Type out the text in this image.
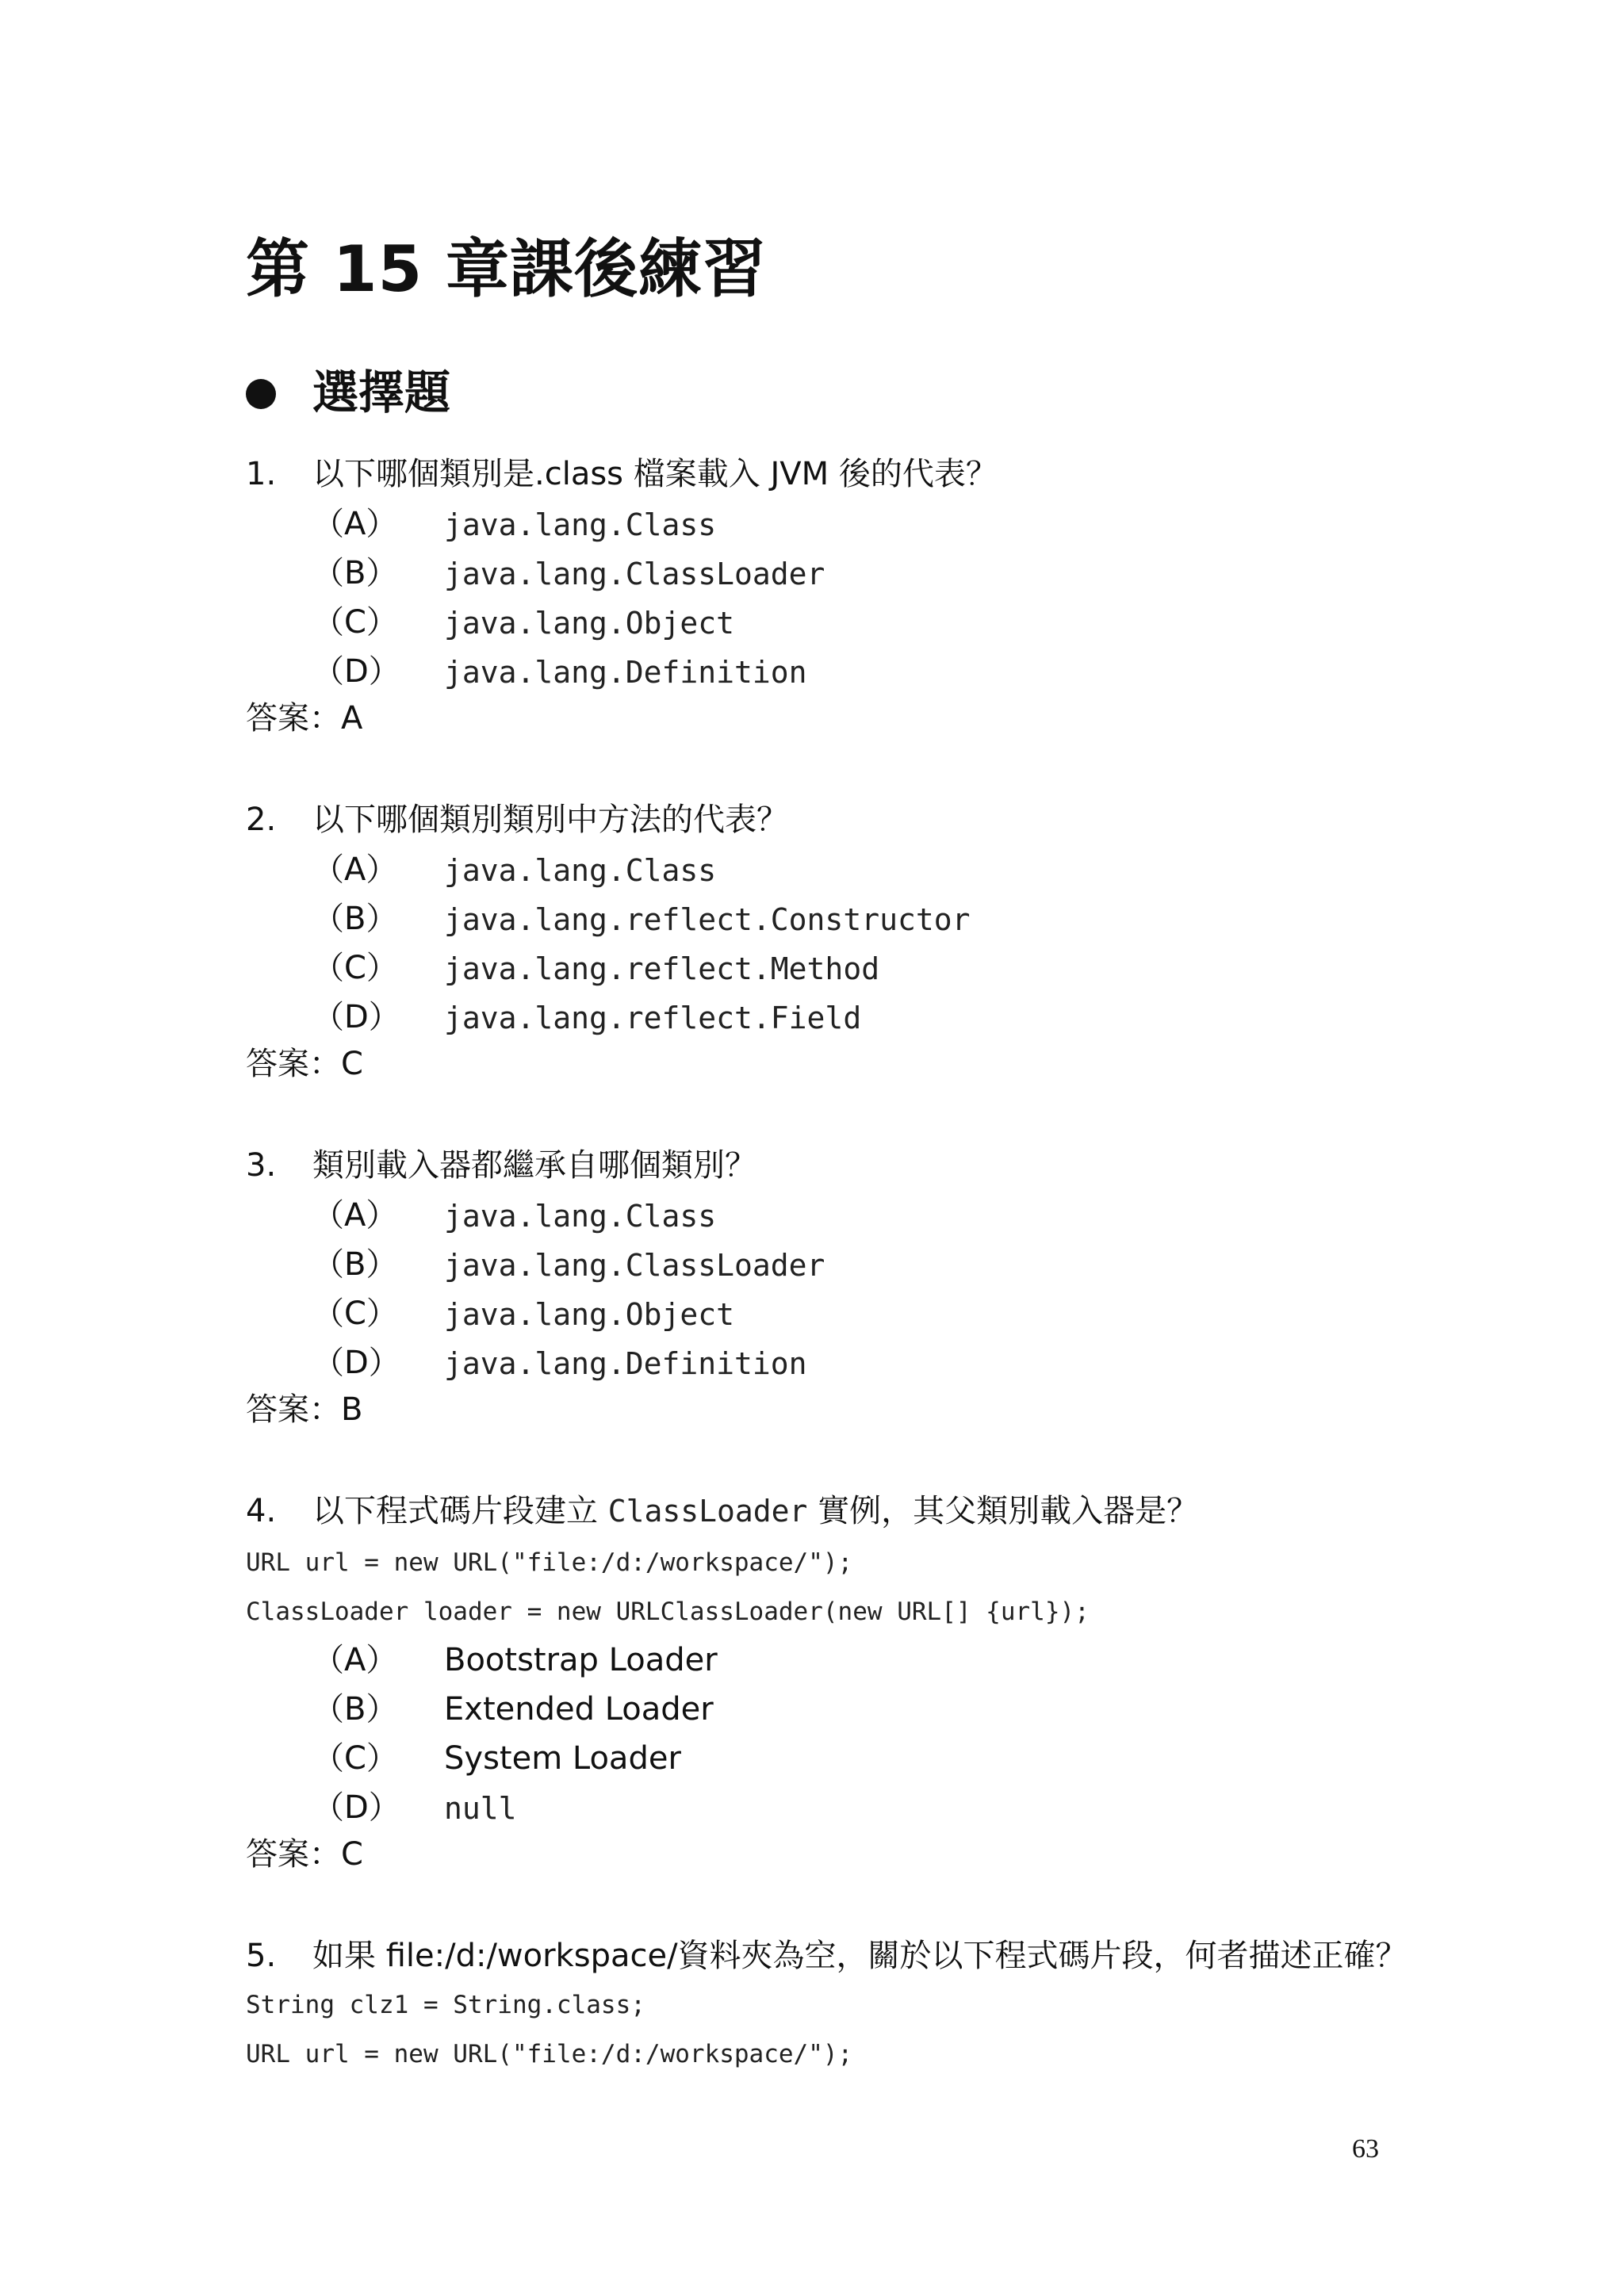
第 15 章課後練習
選擇題
1. 以下哪個類別是.class 檔案載入 JVM 後的代表？
（A） java.lang.Class
（B） java.lang.ClassLoader
（C） java.lang.Object
（D） java.lang.Definition
答案：A
2. 以下哪個類別類別中方法的代表？
（A） java.lang.Class
（B） java.lang.reflect.Constructor
（C） java.lang.reflect.Method
（D） java.lang.reflect.Field
答案：C
3. 類別載入器都繼承自哪個類別？
（A） java.lang.Class
（B） java.lang.ClassLoader
（C） java.lang.Object
（D） java.lang.Definition
答案：B
4. 以下程式碼片段建立 ClassLoader 實例，其父類別載入器是？
URL url = new URL("file:/d:/workspace/");
ClassLoader loader = new URLClassLoader(new URL[] {url});
（A） Bootstrap Loader
（B） Extended Loader
（C） System Loader
（D） null
答案：C
5. 如果 file:/d:/workspace/資料夾為空，關於以下程式碼片段，何者描述正確？
String clz1 = String.class;
URL url = new URL("file:/d:/workspace/");
63
